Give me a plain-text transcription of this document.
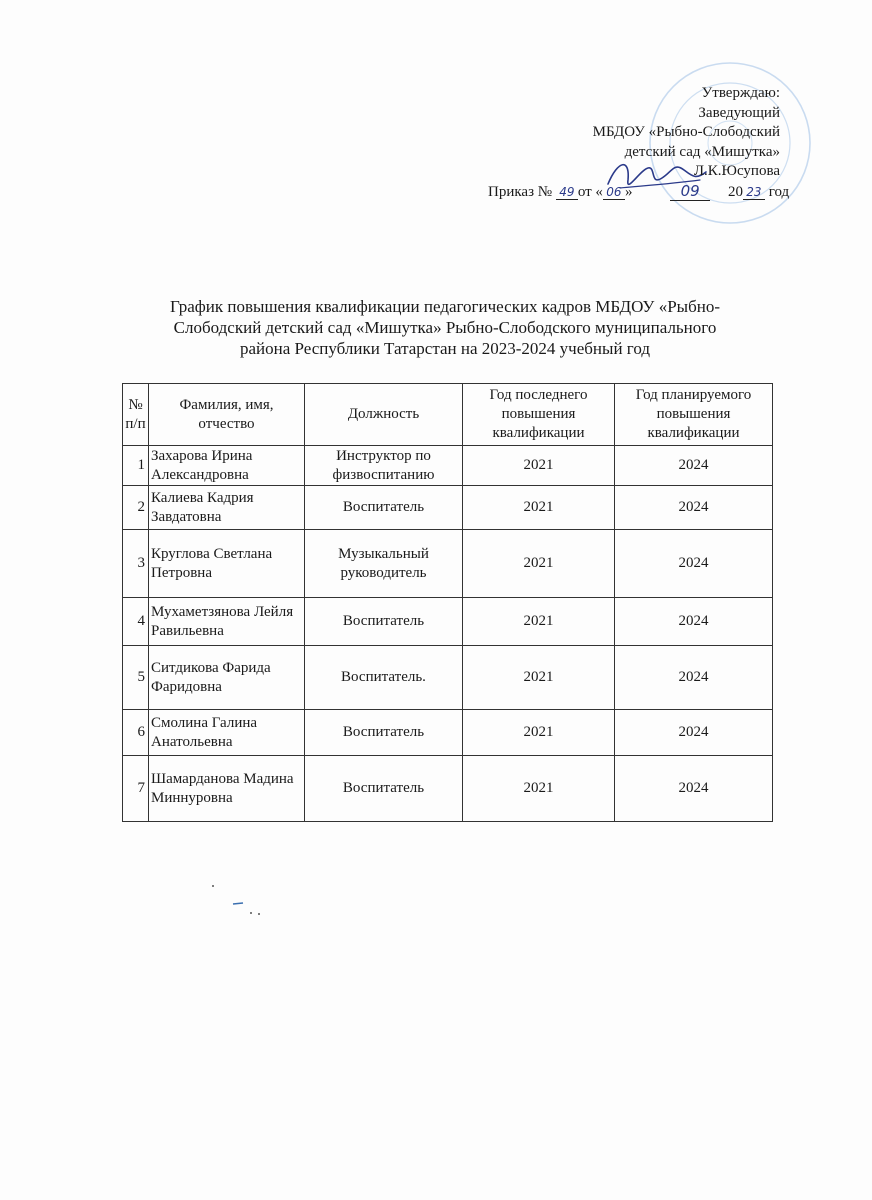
Утверждаю:
Заведующий
МБДОУ «Рыбно-Слободский
детский сад «Мишутка»
Л.К.Юсупова
Приказ № 49 от « 06 »	09 20 23 год
График повышения квалификации педагогических кадров МБДОУ «Рыбно-
Слободский детский сад «Мишутка» Рыбно-Слободского муниципального
района Республики Татарстан на 2023-2024 учебный год
№ п/п	Фамилия, имя, отчество	Должность	Год последнего повышения квалификации	Год планируемого повышения квалификации
1	Захарова Ирина Александровна	Инструктор по физвоспитанию	2021	2024
2	Калиева Кадрия Завдатовна	Воспитатель	2021	2024
3	Круглова Светлана Петровна	Музыкальный руководитель	2021	2024
4	Мухаметзянова Лейля Равильевна	Воспитатель	2021	2024
5	Ситдикова Фарида Фаридовна	Воспитатель.	2021	2024
6	Смолина Галина Анатольевна	Воспитатель	2021	2024
7	Шамарданова Мадина Миннуровна	Воспитатель	2021	2024
